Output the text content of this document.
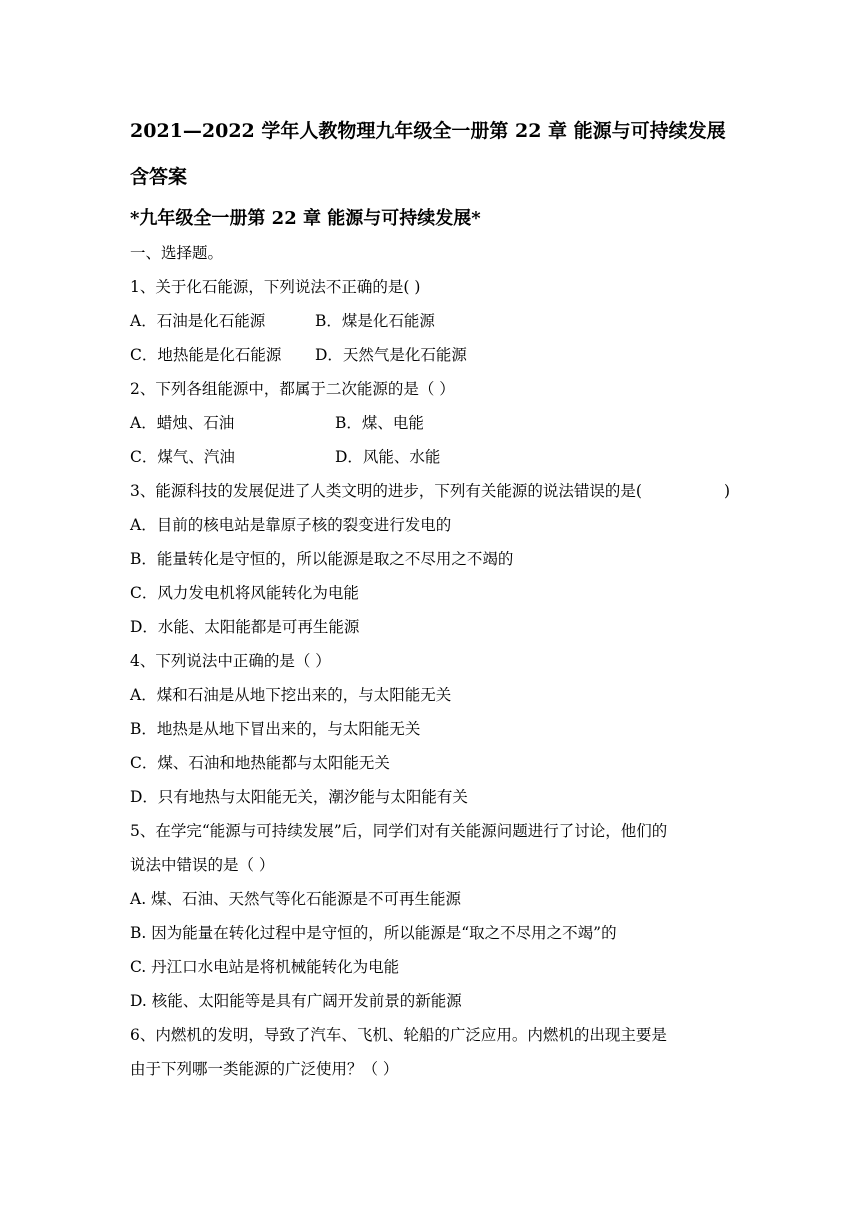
2021—2022 学年人教物理九年级全一册第 22 章 能源与可持续发展
含答案
*九年级全一册第 22 章 能源与可持续发展*
一、选择题。
1、关于化石能源，下列说法不正确的是( )
A．石油是化石能源	B．煤是化石能源
C．地热能是化石能源	D．天然气是化石能源
2、下列各组能源中，都属于二次能源的是（ ）
A．蜡烛、石油	B．煤、电能
C．煤气、汽油	D．风能、水能
3、能源科技的发展促进了人类文明的进步，下列有关能源的说法错误的是(	)
A．目前的核电站是靠原子核的裂变进行发电的
B．能量转化是守恒的，所以能源是取之不尽用之不竭的
C．风力发电机将风能转化为电能
D．水能、太阳能都是可再生能源
4、下列说法中正确的是（ ）
A．煤和石油是从地下挖出来的，与太阳能无关
B．地热是从地下冒出来的，与太阳能无关
C．煤、石油和地热能都与太阳能无关
D．只有地热与太阳能无关，潮汐能与太阳能有关
5、在学完“能源与可持续发展”后，同学们对有关能源问题进行了讨论，他们的
说法中错误的是（ ）
A. 煤、石油、天然气等化石能源是不可再生能源
B. 因为能量在转化过程中是守恒的，所以能源是“取之不尽用之不竭”的
C. 丹江口水电站是将机械能转化为电能
D. 核能、太阳能等是具有广阔开发前景的新能源
6、内燃机的发明，导致了汽车、飞机、轮船的广泛应用。内燃机的出现主要是
由于下列哪一类能源的广泛使用？（ ）
